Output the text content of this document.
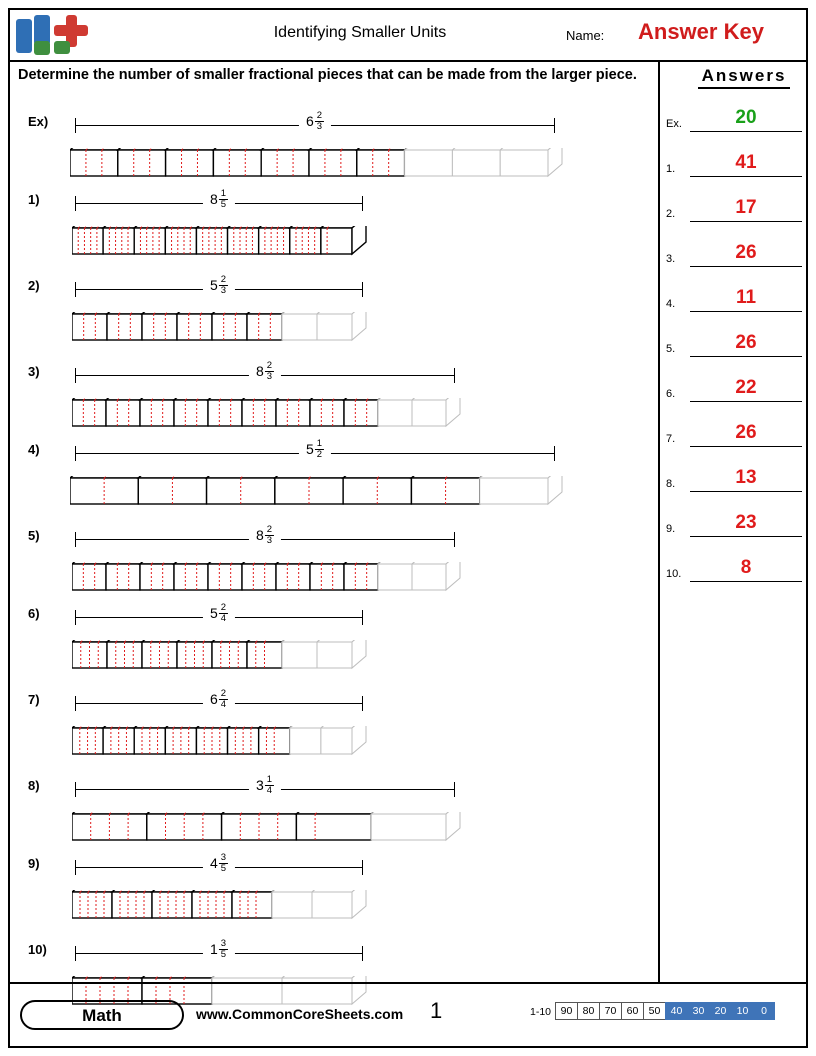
Identifying Smaller Units	Name: Answer Key
Determine the number of smaller fractional pieces that can be made from the larger piece.	Answers
Ex.	20
1.	41
2.	17
3.	26
4.	11
5.	26
6.	22
7.	26
8.	13
9.	23
10.	8
Ex)	$6 \frac{2}{3}$
1)	$8 \frac{1}{5}$
2)	$5 \frac{2}{3}$
3)	$8 \frac{2}{3}$
4)	$5 \frac{1}{2}$
5)	$8 \frac{2}{3}$
6)	$5 \frac{2}{4}$
7)	$6 \frac{2}{4}$
8)	$3 \frac{1}{4}$
9)	$4 \frac{3}{5}$
10)	$1 \frac{3}{5}$
Math	www.CommonCoreSheets.com 1	1-10 90 80 70 60 50 40 30 20 10	0
